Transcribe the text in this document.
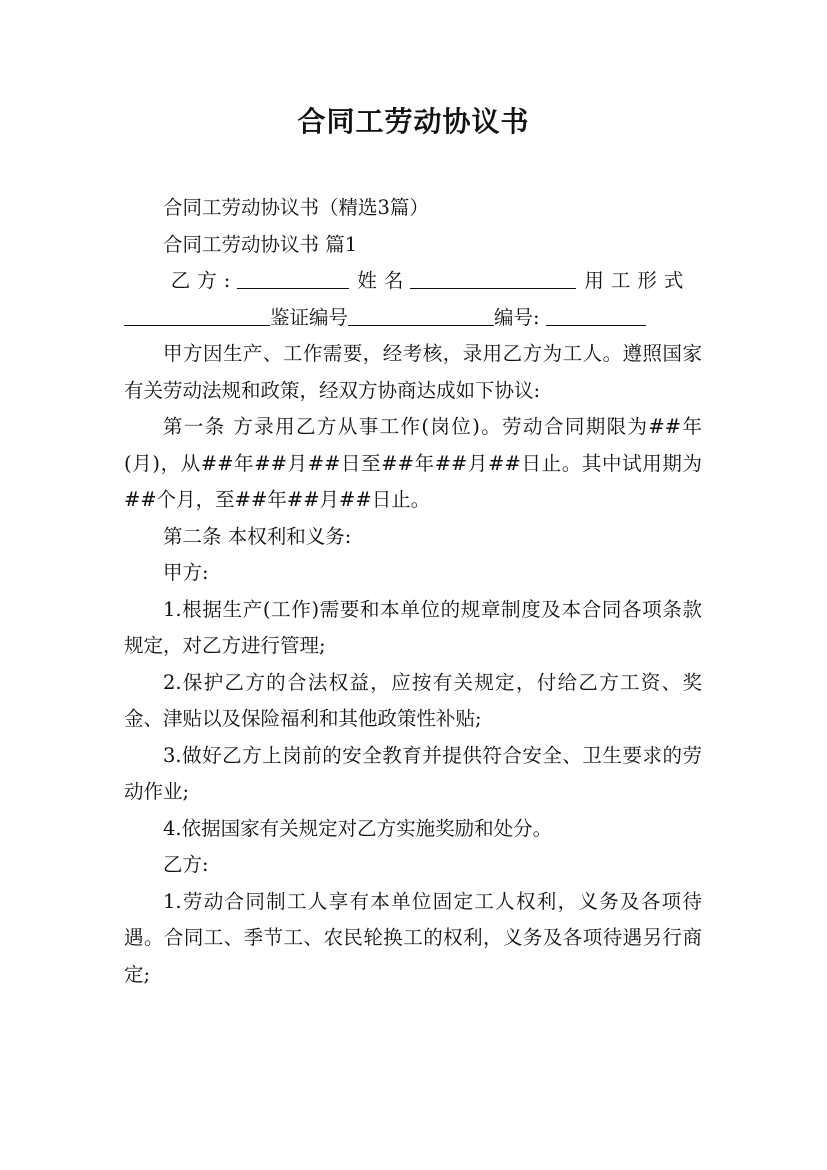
合同工劳动协议书

合同工劳动协议书（精选3篇）

合同工劳动协议书 篇1

乙方:	姓名	用工形式
鉴证编号	编号:

甲方因生产、工作需要，经考核，录用乙方为工人。遵照国家有关劳动法规和政策，经双方协商达成如下协议:

第一条 方录用乙方从事工作(岗位)。劳动合同期限为##年(月)，从##年##月##日至##年##月##日止。其中试用期为##个月，至##年##月##日止。

第二条 本权利和义务:

甲方:

1.根据生产(工作)需要和本单位的规章制度及本合同各项条款规定，对乙方进行管理;

2.保护乙方的合法权益，应按有关规定，付给乙方工资、奖金、津贴以及保险福利和其他政策性补贴;

3.做好乙方上岗前的安全教育并提供符合安全、卫生要求的劳动作业;

4.依据国家有关规定对乙方实施奖励和处分。

乙方:

1.劳动合同制工人享有本单位固定工人权利，义务及各项待遇。合同工、季节工、农民轮换工的权利，义务及各项待遇另行商定;
